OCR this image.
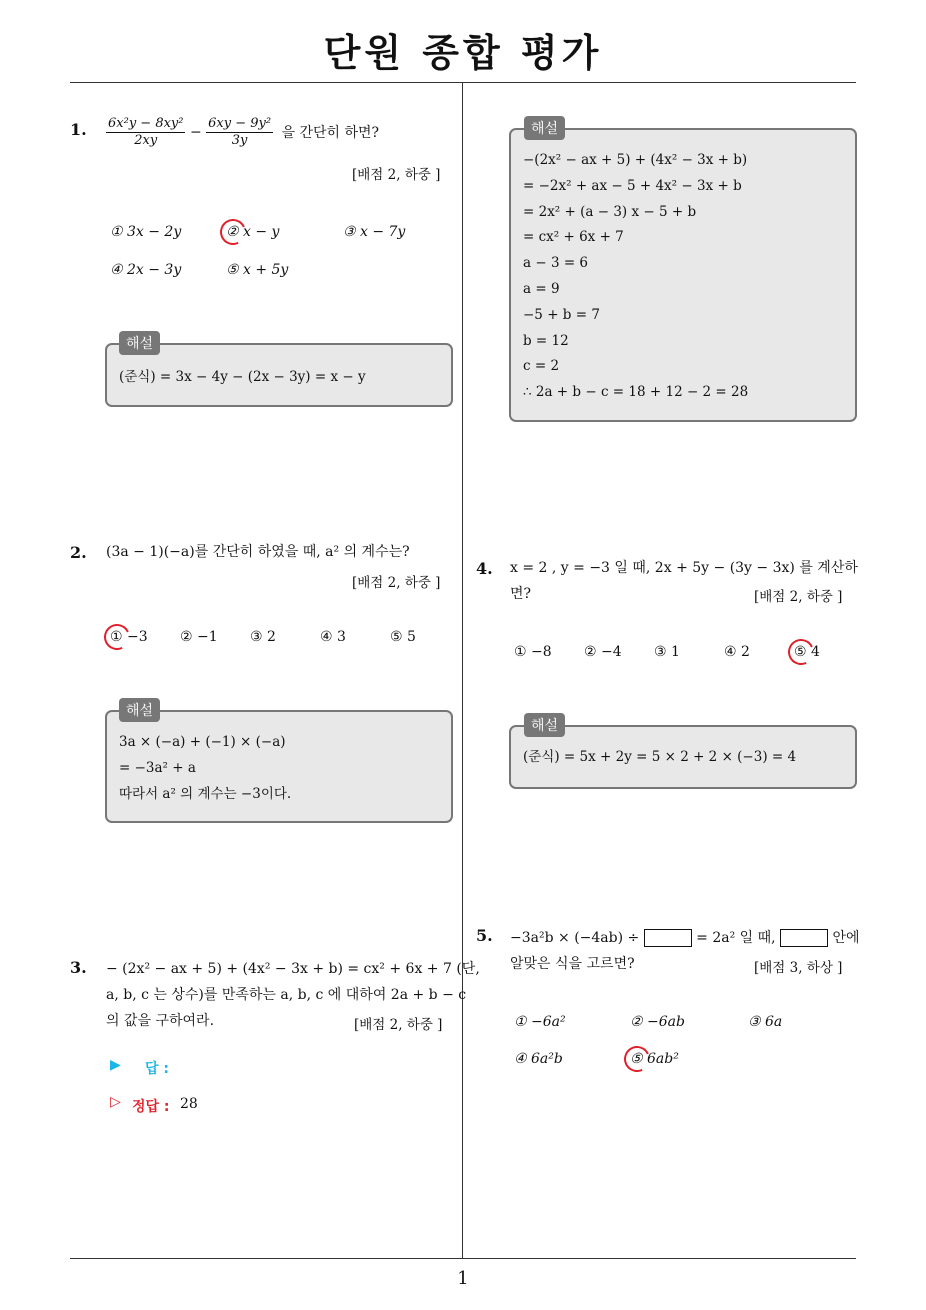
단원 종합 평가
1
1. $\frac{\text{6x²y − 8xy²}}{2xy} - \frac{\text{6xy − 9y²}}{3y}$ 을 간단히 하면?
[배점 2, 하중 ]
① 3x − 2y	② x − y	③ x − 7y
④ 2x − 3y	⑤ x + 5y
(준식) = 3x − 4y − (2x − 3y) = x − y
해설
2. (3a − 1)(−a)를 간단히 하였을 때, a² 의 계수는?
[배점 2, 하중 ]
① −3 ② −1 ③ 2	④ 3	⑤ 5
3a × (−a) + (−1) × (−a)
= −3a² + a
따라서 a² 의 계수는 −3이다.
해설
3. − (2x² − ax + 5) + (4x² − 3x + b) = cx² + 6x + 7 (단,
a, b, c 는 상수)를 만족하는 a, b, c 에 대하여 2a + b − c
의 값을 구하여라.	[배점 2, 하중 ]
▶ 답 :
▷ 정답 : 28
−(2x² − ax + 5) + (4x² − 3x + b)
= −2x² + ax − 5 + 4x² − 3x + b
= 2x² + (a − 3) x − 5 + b
= cx² + 6x + 7
a − 3 = 6
a = 9
−5 + b = 7
b = 12
c = 2
∴ 2a + b − c = 18 + 12 − 2 = 28
해설
4. x = 2 , y = −3 일 때, 2x + 5y − (3y − 3x) 를 계산하
면?	[배점 2, 하중 ]
① −8 ② −4 ③ 1	④ 2	⑤ 4
(준식) = 5x + 2y = 5 × 2 + 2 × (−3) = 4
해설
5. −3a²b × (−4ab) ÷	= 2a² 일 때,	안에
알맞은 식을 고르면?	[배점 3, 하상 ]
① −6a²	② −6ab	③ 6a
④ 6a²b	⑤ 6ab²
